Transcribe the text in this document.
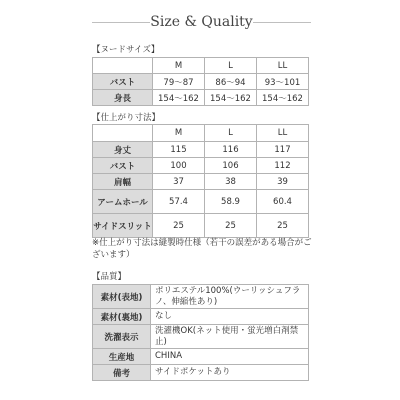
Size & Quality
【ヌードサイズ】
	M	L	LL
バスト	79〜87	86〜94	93〜101
身長	154〜162	154〜162	154〜162
【仕上がり寸法】
	M	L	LL
身丈	115	116	117
バスト	100	106	112
肩幅	37	38	39
アームホール	57.4	58.9	60.4
サイドスリット	25	25	25
※仕上がり寸法は縫製時仕様（若干の誤差がある場合がございます）
【品質】
素材(表地)	ポリエステル100%(ウーリッシュフラノ、伸縮性あり)
素材(裏地)	なし
洗濯表示	洗濯機OK(ネット使用・蛍光増白剤禁止)
生産地	CHINA
備考	サイドポケットあり
